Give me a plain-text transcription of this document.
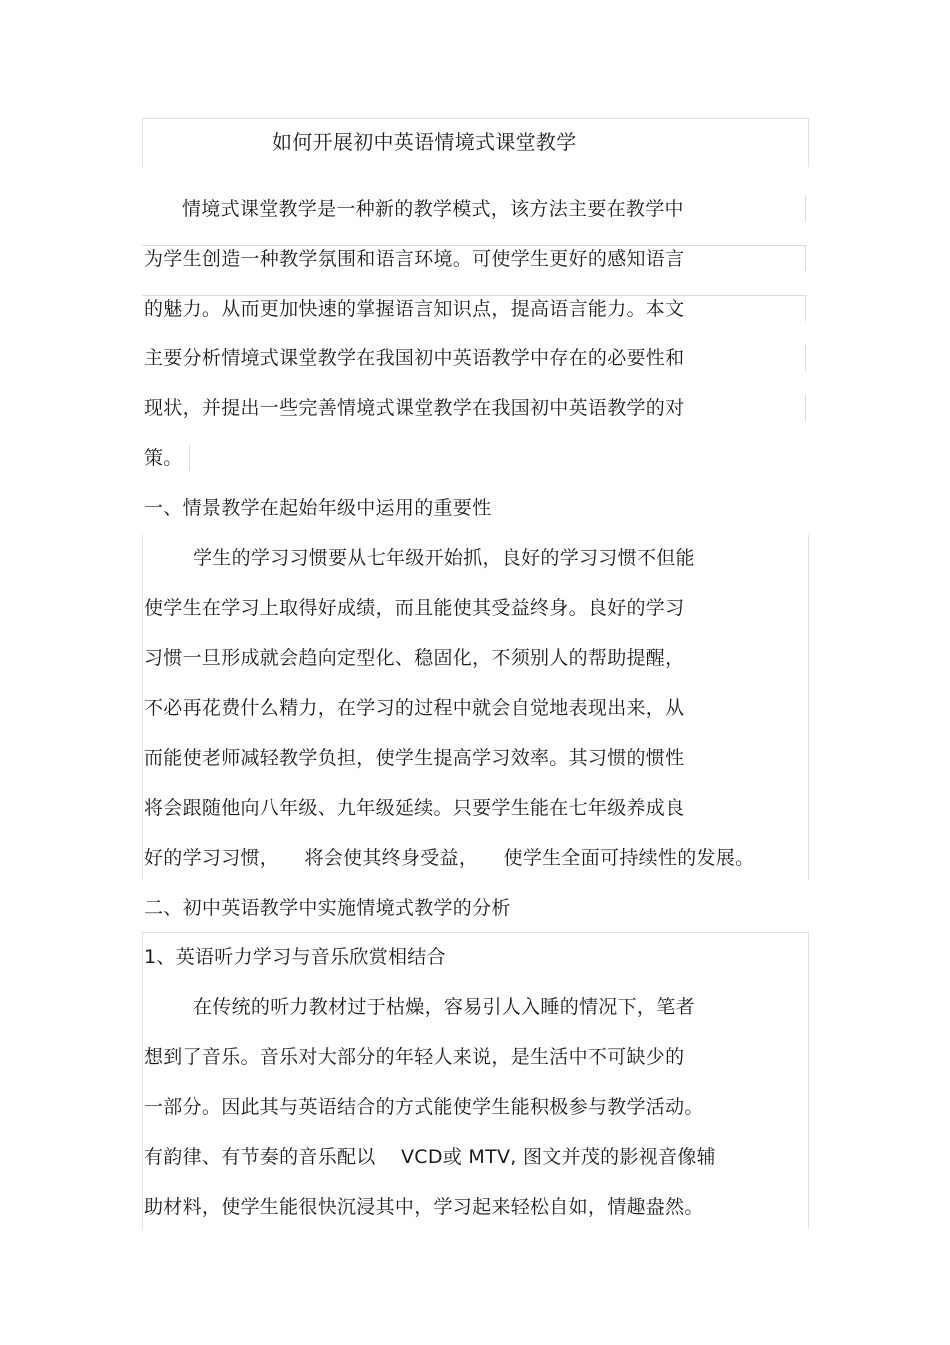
如何开展初中英语情境式课堂教学
情境式课堂教学是一种新的教学模式，该方法主要在教学中
为学生创造一种教学氛围和语言环境。可使学生更好的感知语言
的魅力。从而更加快速的掌握语言知识点，提高语言能力。本文
主要分析情境式课堂教学在我国初中英语教学中存在的必要性和
现状，并提出一些完善情境式课堂教学在我国初中英语教学的对
策。
一、情景教学在起始年级中运用的重要性
学生的学习习惯要从七年级开始抓，良好的学习习惯不但能
使学生在学习上取得好成绩，而且能使其受益终身。良好的学习
习惯一旦形成就会趋向定型化、稳固化，不须别人的帮助提醒，
不必再花费什么精力，在学习的过程中就会自觉地表现出来，从
而能使老师减轻教学负担，使学生提高学习效率。其习惯的惯性
将会跟随他向八年级、九年级延续。只要学生能在七年级养成良
好的学习习惯，    将会使其终身受益，    使学生全面可持续性的发展。
二、初中英语教学中实施情境式教学的分析
1、英语听力学习与音乐欣赏相结合
在传统的听力教材过于枯燥，容易引人入睡的情况下，笔者
想到了音乐。音乐对大部分的年轻人来说，是生活中不可缺少的
一部分。因此其与英语结合的方式能使学生能积极参与教学活动。
有韵律、有节奏的音乐配以    VCD或 MTV, 图文并茂的影视音像辅
助材料，使学生能很快沉浸其中，学习起来轻松自如，情趣盎然。
